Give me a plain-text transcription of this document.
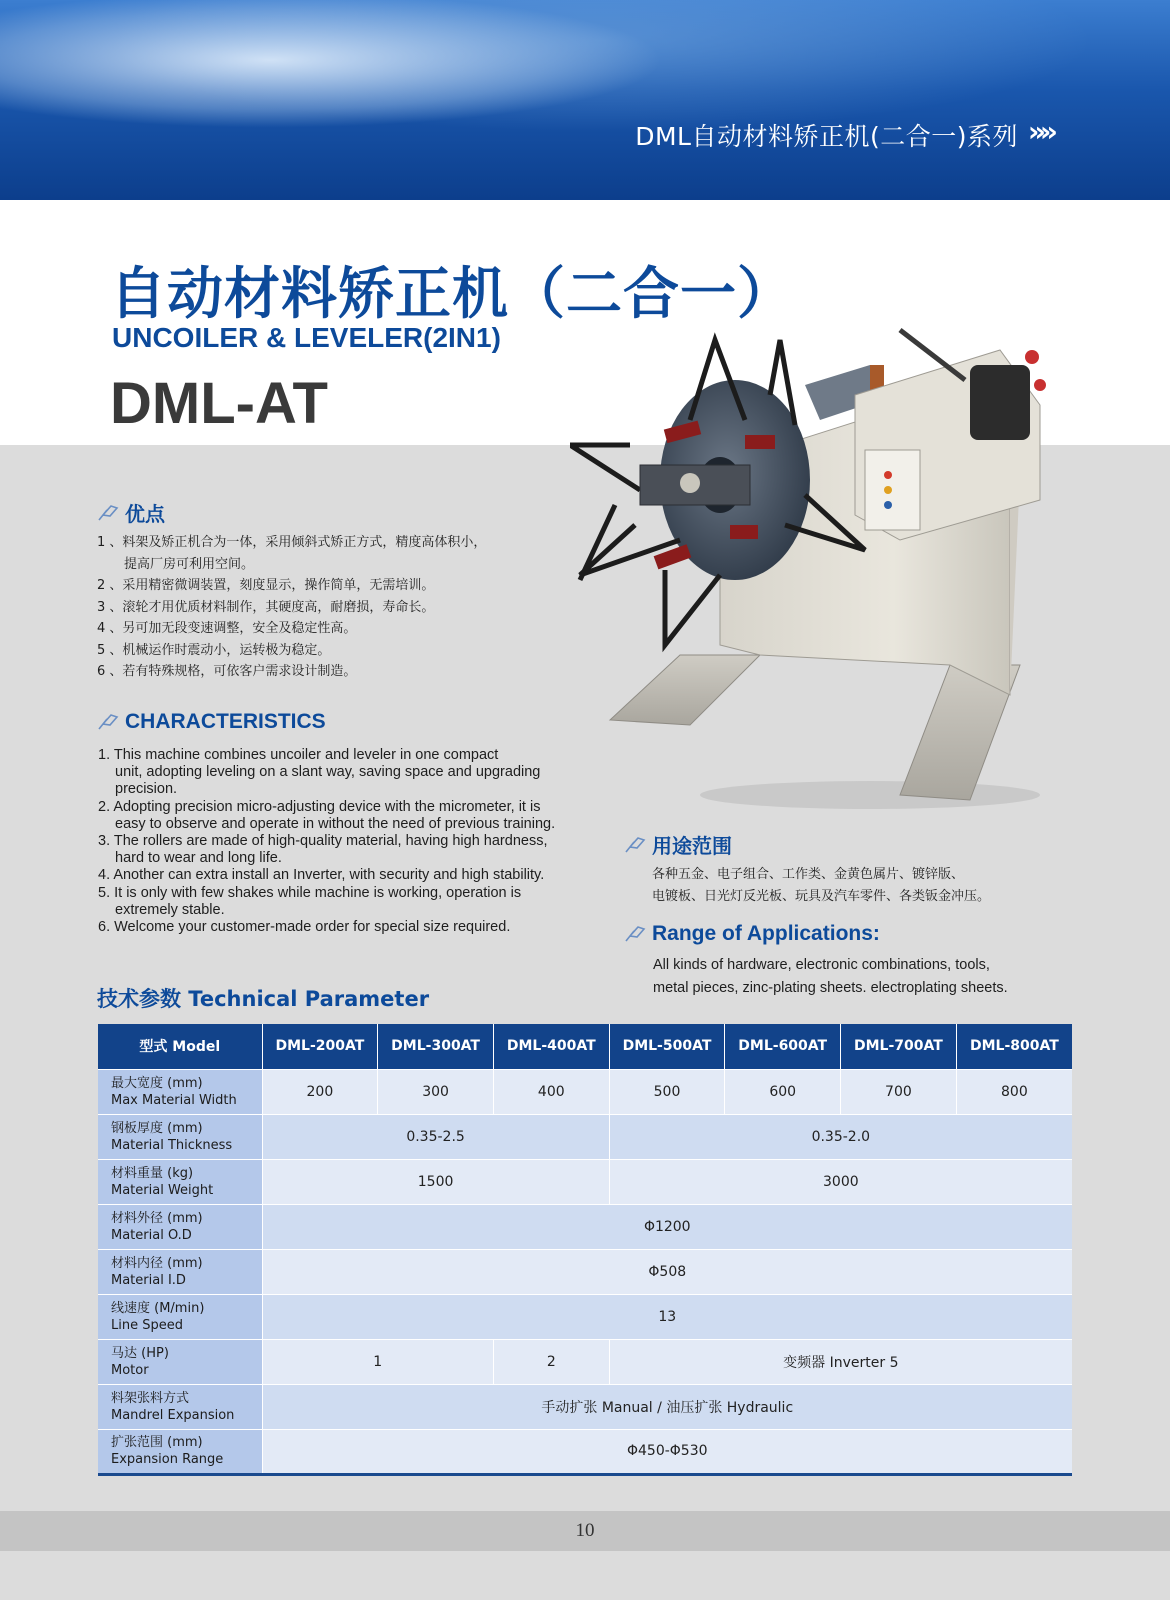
DML自动材料矫正机(二合一)系列 »»
自动材料矫正机（二合一）
UNCOILER & LEVELER(2IN1)
DML-AT
优点
1 、料架及矫正机合为一体，采用倾斜式矫正方式，精度高体积小，
提高厂房可利用空间。
2 、采用精密微调装置，刻度显示，操作简单，无需培训。
3 、滚轮才用优质材料制作，其硬度高，耐磨损，寿命长。
4 、另可加无段变速调整，安全及稳定性高。
5 、机械运作时震动小，运转极为稳定。
6 、若有特殊规格，可依客户需求设计制造。
CHARACTERISTICS
1. This machine combines uncoiler and leveler in one compact
unit, adopting leveling on a slant way, saving space and upgrading
precision.
2. Adopting precision micro-adjusting device with the micrometer, it is
easy to observe and operate in without the need of previous training.
3. The rollers are made of high-quality material, having high hardness,
hard to wear and long life.
4. Another can extra install an Inverter, with security and high stability.
5. It is only with few shakes while machine is working, operation is
extremely stable.
6. Welcome your customer-made order for special size required.
用途范围
各种五金、电子组合、工作类、金黄色属片、镀锌版、
电镀板、日光灯反光板、玩具及汽车零件、各类钣金冲压。
Range of Applications:
All kinds of hardware, electronic combinations, tools,
metal pieces, zinc-plating sheets. electroplating sheets.
技术参数 Technical Parameter
型式 Model	DML-200AT	DML-300AT	DML-400AT	DML-500AT	DML-600AT	DML-700AT	DML-800AT

最大宽度 (mm)
Max Material Width	200	300	400	500	600	700	800

钢板厚度 (mm)
Material Thickness	0.35-2.5			0.35-2.0			

材料重量 (kg)
Material Weight	1500			3000			

材料外径 (mm)
Material O.D	Φ1200						

材料内径 (mm)
Material I.D	Φ508						

线速度 (M/min)
Line Speed	13						

马达 (HP)
Motor	1		2	变频器 Inverter 5			

料架张料方式
Mandrel Expansion	手动扩张 Manual / 油压扩张 Hydraulic						

扩张范围 (mm)
Expansion Range	Φ450-Φ530						
10
